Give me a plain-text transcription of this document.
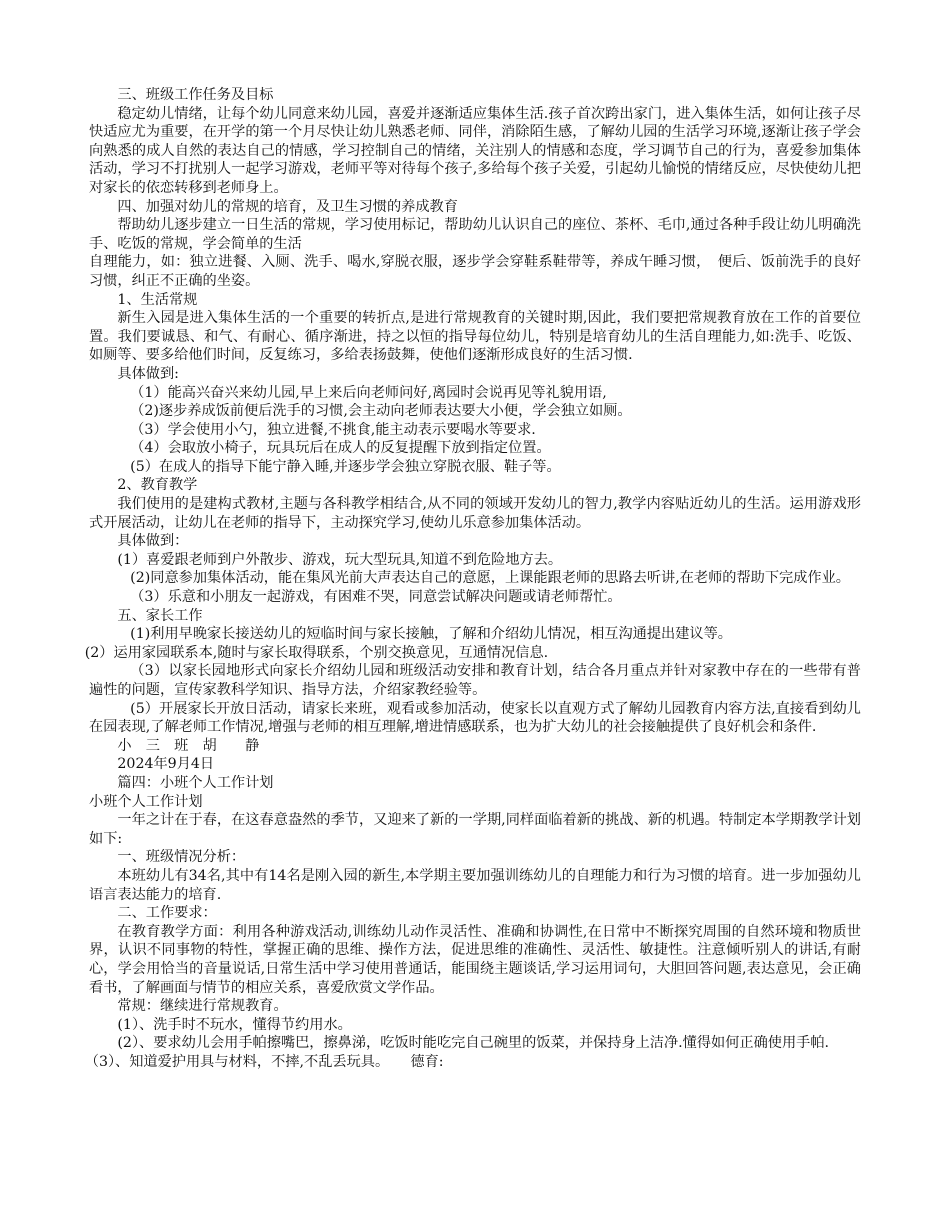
三、班级工作任务及目标

稳定幼儿情绪，让每个幼儿同意来幼儿园，喜爱并逐渐适应集体生活.孩子首次跨出家门，进入集体生活，如何让孩子尽快适应尤为重要，在开学的第一个月尽快让幼儿熟悉老师、同伴，消除陌生感，了解幼儿园的生活学习环境,逐渐让孩子学会向熟悉的成人自然的表达自己的情感，学习控制自己的情绪，关注别人的情感和态度，学习调节自己的行为，喜爱参加集体活动，学习不打扰别人一起学习游戏，老师平等对待每个孩子,多给每个孩子关爱，引起幼儿愉悦的情绪反应，尽快使幼儿把对家长的依恋转移到老师身上。

四、加强对幼儿的常规的培育，及卫生习惯的养成教育

帮助幼儿逐步建立一日生活的常规，学习使用标记，帮助幼儿认识自己的座位、茶杯、毛巾,通过各种手段让幼儿明确洗手、吃饭的常规，学会简单的生活

自理能力，如：独立进餐、入厕、洗手、喝水,穿脱衣服，逐步学会穿鞋系鞋带等，养成午睡习惯，　便后、饭前洗手的良好习惯，纠正不正确的坐姿。

1、生活常规

新生入园是进入集体生活的一个重要的转折点,是进行常规教育的关键时期,因此，我们要把常规教育放在工作的首要位置。我们要诚恳、和气、有耐心、循序渐进，持之以恒的指导每位幼儿，特别是培育幼儿的生活自理能力,如:洗手、吃饭、如厕等、要多给他们时间，反复练习，多给表扬鼓舞，使他们逐渐形成良好的生活习惯.

具体做到:

（1）能高兴奋兴来幼儿园,早上来后向老师问好,离园时会说再见等礼貌用语,

（2)逐步养成饭前便后洗手的习惯,会主动向老师表达要大小便，学会独立如厕。

（3）学会使用小勺，独立进餐,不挑食,能主动表示要喝水等要求.

（4）会取放小椅子，玩具玩后在成人的反复提醒下放到指定位置。

(5）在成人的指导下能宁静入睡,并逐步学会独立穿脱衣服、鞋子等。

2、教育教学

我们使用的是建构式教材,主题与各科教学相结合,从不同的领域开发幼儿的智力,教学内容贴近幼儿的生活。运用游戏形式开展活动，让幼儿在老师的指导下，主动探究学习,使幼儿乐意参加集体活动。

具体做到：

(1）喜爱跟老师到户外散步、游戏，玩大型玩具,知道不到危险地方去。

(2)同意参加集体活动，能在集风光前大声表达自己的意愿，上课能跟老师的思路去听讲,在老师的帮助下完成作业。

（3）乐意和小朋友一起游戏，有困难不哭，同意尝试解决问题或请老师帮忙。

五、家长工作

(1)利用早晚家长接送幼儿的短临时间与家长接触，了解和介绍幼儿情况，相互沟通提出建议等。

(2）运用家园联系本,随时与家长取得联系，个别交换意见，互通情况信息.

（3）以家长园地形式向家长介绍幼儿园和班级活动安排和教育计划，结合各月重点并针对家教中存在的一些带有普遍性的问题，宣传家教科学知识、指导方法，介绍家教经验等。

(5）开展家长开放日活动，请家长来班，观看或参加活动，使家长以直观方式了解幼儿园教育内容方法,直接看到幼儿在园表现,了解老师工作情况,增强与老师的相互理解,增进情感联系，也为扩大幼儿的社会接触提供了良好机会和条件.

小　三　班　胡　　静

2024年9月4日

篇四：小班个人工作计划

小班个人工作计划

一年之计在于春，在这春意盎然的季节，又迎来了新的一学期,同样面临着新的挑战、新的机遇。特制定本学期教学计划如下:

一、班级情况分析：

本班幼儿有34名,其中有14名是刚入园的新生,本学期主要加强训练幼儿的自理能力和行为习惯的培育。进一步加强幼儿语言表达能力的培育.

二、工作要求：

在教育教学方面：利用各种游戏活动,训练幼儿动作灵活性、准确和协调性,在日常中不断探究周围的自然环境和物质世界，认识不同事物的特性，掌握正确的思维、操作方法，促进思维的准确性、灵活性、敏捷性。注意倾听别人的讲话,有耐心，学会用恰当的音量说话,日常生活中学习使用普通话，能围绕主题谈话,学习运用词句，大胆回答问题,表达意见，会正确看书，了解画面与情节的相应关系，喜爱欣赏文学作品。

常规：继续进行常规教育。

(1）、洗手时不玩水，懂得节约用水。

(2）、要求幼儿会用手帕擦嘴巴，擦鼻涕，吃饭时能吃完自己碗里的饭菜，并保持身上洁净.懂得如何正确使用手帕.

（3）、知道爱护用具与材料，不摔,不乱丢玩具。　　德育:
